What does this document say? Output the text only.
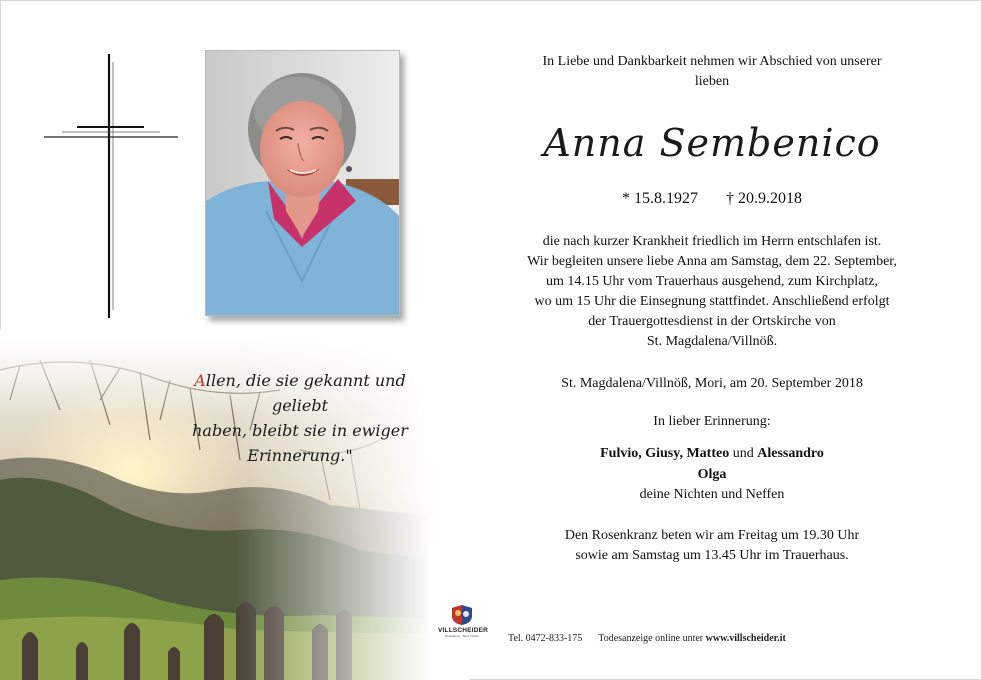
Allen, die sie gekannt und geliebt
haben, bleibt sie in ewiger
Erinnerung."
In Liebe und Dankbarkeit nehmen wir Abschied von unserer
lieben
Anna Sembenico
* 15.8.1927 † 20.9.2018
die nach kurzer Krankheit friedlich im Herrn entschlafen ist.
Wir begleiten unsere liebe Anna am Samstag, dem 22. September,
um 14.15 Uhr vom Trauerhaus ausgehend, zum Kirchplatz,
wo um 15 Uhr die Einsegnung stattfindet. Anschließend erfolgt
der Trauergottesdienst in der Ortskirche von
St. Magdalena/Villnöß.
St. Magdalena/Villnöß, Mori, am 20. September 2018
In lieber Erinnerung:
Fulvio, Giusy, Matteo und Alessandro
Olga
deine Nichten und Neffen
Den Rosenkranz beten wir am Freitag um 19.30 Uhr
sowie am Samstag um 13.45 Uhr im Trauerhaus.
VILLSCHEIDER
Bestattung · Tanzi Fiorlini	Tel. 0472-833-175 Todesanzeige online unter www.villscheider.it
